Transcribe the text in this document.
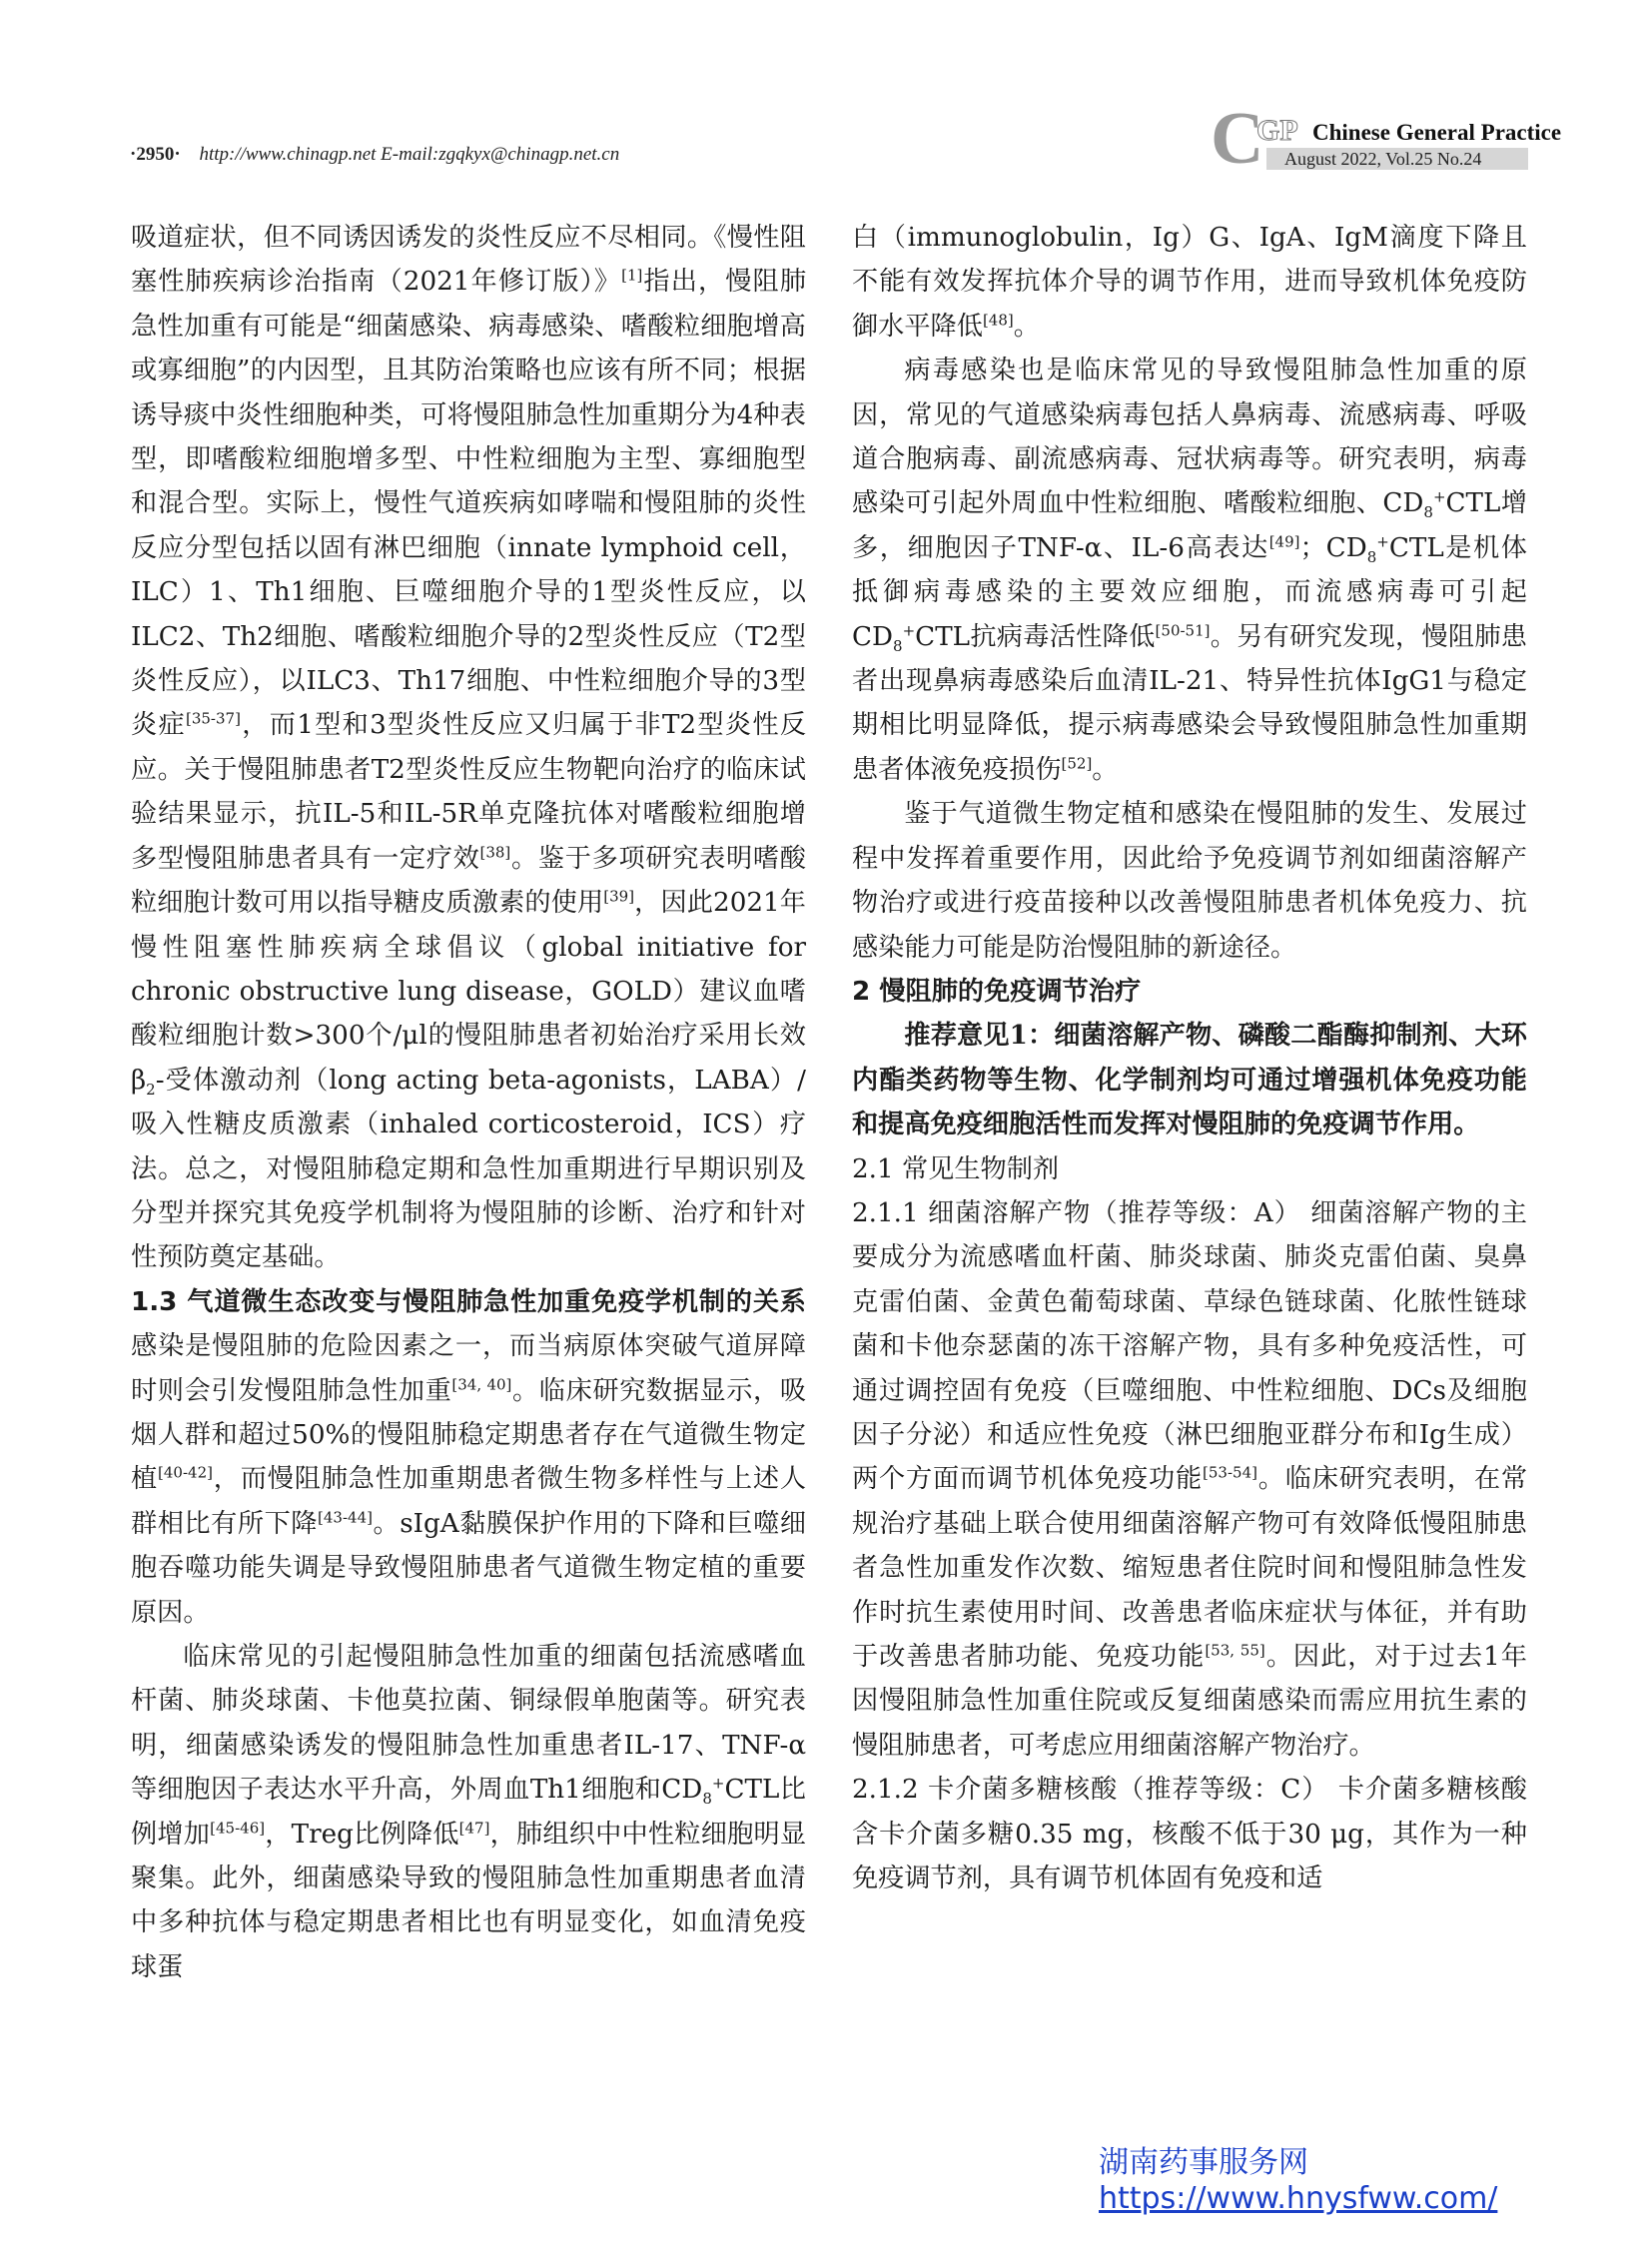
·2950· http://www.chinagp.net E-mail:zgqkyx@chinagp.net.cn	C
GP Chinese General Practice
August 2022, Vol.25 No.24

吸道症状，但不同诱因诱发的炎性反应不尽相同。《慢性阻塞性肺疾病诊治指南（2021年修订版）》[1]指出，慢阻肺急性加重有可能是“细菌感染、病毒感染、嗜酸粒细胞增高或寡细胞”的内因型，且其防治策略也应该有所不同；根据诱导痰中炎性细胞种类，可将慢阻肺急性加重期分为4种表型，即嗜酸粒细胞增多型、中性粒细胞为主型、寡细胞型和混合型。实际上，慢性气道疾病如哮喘和慢阻肺的炎性反应分型包括以固有淋巴细胞（innate lymphoid cell，ILC）1、Th1细胞、巨噬细胞介导的1型炎性反应，以ILC2、Th2细胞、嗜酸粒细胞介导的2型炎性反应（T2型炎性反应），以ILC3、Th17细胞、中性粒细胞介导的3型炎症[35-37]，而1型和3型炎性反应又归属于非T2型炎性反应。关于慢阻肺患者T2型炎性反应生物靶向治疗的临床试验结果显示，抗IL-5和IL-5R单克隆抗体对嗜酸粒细胞增多型慢阻肺患者具有一定疗效[38]。鉴于多项研究表明嗜酸粒细胞计数可用以指导糖皮质激素的使用[39]，因此2021年慢性阻塞性肺疾病全球倡议（global initiative for chronic obstructive lung disease，GOLD）建议血嗜酸粒细胞计数>300个/μl的慢阻肺患者初始治疗采用长效$\beta_2-$受体激动剂（long acting beta-agonists，LABA）/吸入性糖皮质激素（inhaled corticosteroid，ICS）疗法。总之，对慢阻肺稳定期和急性加重期进行早期识别及分型并探究其免疫学机制将为慢阻肺的诊断、治疗和针对性预防奠定基础。

1.3 气道微生态改变与慢阻肺急性加重免疫学机制的关系 感染是慢阻肺的危险因素之一，而当病原体突破气道屏障时则会引发慢阻肺急性加重[34, 40]。临床研究数据显示，吸烟人群和超过50%的慢阻肺稳定期患者存在气道微生物定植[40-42]，而慢阻肺急性加重期患者微生物多样性与上述人群相比有所下降[43-44]。sIgA黏膜保护作用的下降和巨噬细胞吞噬功能失调是导致慢阻肺患者气道微生物定植的重要原因。

临床常见的引起慢阻肺急性加重的细菌包括流感嗜血杆菌、肺炎球菌、卡他莫拉菌、铜绿假单胞菌等。研究表明，细菌感染诱发的慢阻肺急性加重患者IL-17、TNF-α等细胞因子表达水平升高，外周血Th1细胞和$CD_8^+CTL$比例增加[45-46]，Treg比例降低[47]，肺组织中中性粒细胞明显聚集。此外，细菌感染导致的慢阻肺急性加重期患者血清中多种抗体与稳定期患者相比也有明显变化，如血清免疫球蛋

白（immunoglobulin，Ig）G、IgA、IgM滴度下降且不能有效发挥抗体介导的调节作用，进而导致机体免疫防御水平降低[48]。

病毒感染也是临床常见的导致慢阻肺急性加重的原因，常见的气道感染病毒包括人鼻病毒、流感病毒、呼吸道合胞病毒、副流感病毒、冠状病毒等。研究表明，病毒感染可引起外周血中性粒细胞、嗜酸粒细胞、$CD_8^+CTL$增多，细胞因子TNF-α、IL-6高表达[49]；$CD_8^+CTL$是机体抵御病毒感染的主要效应细胞，而流感病毒可引起$CD_8^+CTL$抗病毒活性降低[50-51]。另有研究发现，慢阻肺患者出现鼻病毒感染后血清IL-21、特异性抗体IgG1与稳定期相比明显降低，提示病毒感染会导致慢阻肺急性加重期患者体液免疫损伤[52]。

鉴于气道微生物定植和感染在慢阻肺的发生、发展过程中发挥着重要作用，因此给予免疫调节剂如细菌溶解产物治疗或进行疫苗接种以改善慢阻肺患者机体免疫力、抗感染能力可能是防治慢阻肺的新途径。

2 慢阻肺的免疫调节治疗

推荐意见1：细菌溶解产物、磷酸二酯酶抑制剂、大环内酯类药物等生物、化学制剂均可通过增强机体免疫功能和提高免疫细胞活性而发挥对慢阻肺的免疫调节作用。

2.1 常见生物制剂

2.1.1 细菌溶解产物（推荐等级：A） 细菌溶解产物的主要成分为流感嗜血杆菌、肺炎球菌、肺炎克雷伯菌、臭鼻克雷伯菌、金黄色葡萄球菌、草绿色链球菌、化脓性链球菌和卡他奈瑟菌的冻干溶解产物，具有多种免疫活性，可通过调控固有免疫（巨噬细胞、中性粒细胞、DCs及细胞因子分泌）和适应性免疫（淋巴细胞亚群分布和Ig生成）两个方面而调节机体免疫功能[53-54]。临床研究表明，在常规治疗基础上联合使用细菌溶解产物可有效降低慢阻肺患者急性加重发作次数、缩短患者住院时间和慢阻肺急性发作时抗生素使用时间、改善患者临床症状与体征，并有助于改善患者肺功能、免疫功能[53, 55]。因此，对于过去1年因慢阻肺急性加重住院或反复细菌感染而需应用抗生素的慢阻肺患者，可考虑应用细菌溶解产物治疗。

2.1.2 卡介菌多糖核酸（推荐等级：C） 卡介菌多糖核酸含卡介菌多糖0.35 mg，核酸不低于30 μg，其作为一种免疫调节剂，具有调节机体固有免疫和适

湖南药事服务网
https://www.hnysfww.com/
